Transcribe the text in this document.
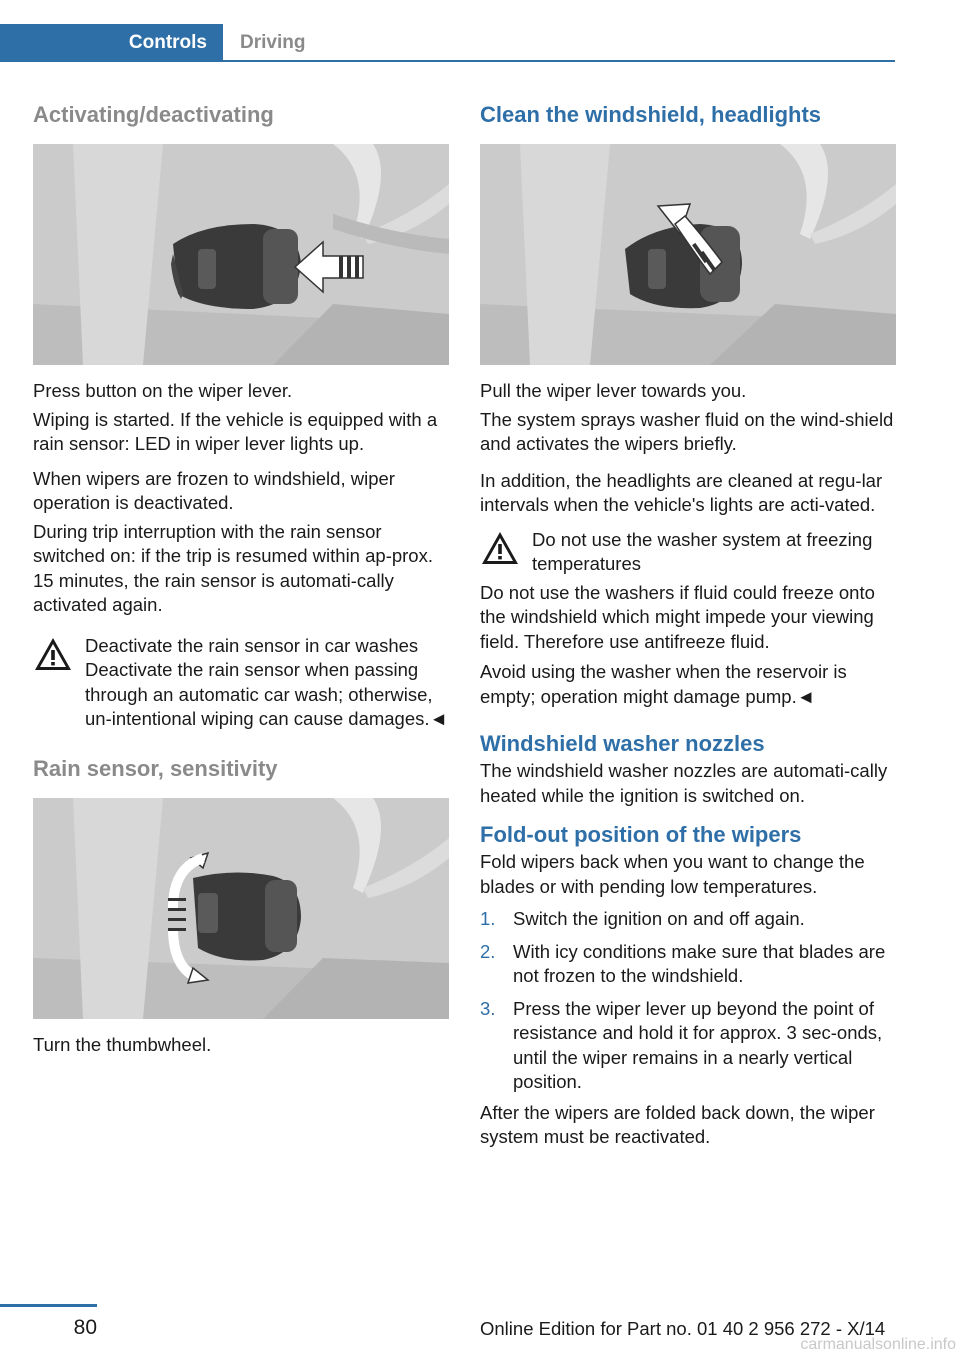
Controls	Driving
Activating/deactivating

Press button on the wiper lever.

Wiping is started. If the vehicle is equipped with a rain sensor: LED in wiper lever lights up.

When wipers are frozen to windshield, wiper operation is deactivated.

During trip interruption with the rain sensor switched on: if the trip is resumed within ap‐prox. 15 minutes, the rain sensor is automati‐cally activated again.

Deactivate the rain sensor in car washes
Deactivate the rain sensor when passing through an automatic car wash; otherwise, un‐intentional wiping can cause damages.◄
Rain sensor, sensitivity

Turn the thumbwheel.

Clean the windshield, headlights

Pull the wiper lever towards you.

The system sprays washer fluid on the wind‐shield and activates the wipers briefly.

In addition, the headlights are cleaned at regu‐lar intervals when the vehicle's lights are acti‐vated.

Do not use the washer system at freezing temperatures

Do not use the washers if fluid could freeze onto the windshield which might impede your viewing field. Therefore use antifreeze fluid.

Avoid using the washer when the reservoir is empty; operation might damage pump.◄

Windshield washer nozzles

The windshield washer nozzles are automati‐cally heated while the ignition is switched on.

Fold-out position of the wipers

Fold wipers back when you want to change the blades or with pending low temperatures.

1. Switch the ignition on and off again.
2. With icy conditions make sure that blades are not frozen to the windshield.
3. Press the wiper lever up beyond the point of resistance and hold it for approx. 3 sec‐onds, until the wiper remains in a nearly vertical position.

After the wipers are folded back down, the wiper system must be reactivated.

80	Online Edition for Part no. 01 40 2 956 272 - X/14
carmanualsonline.info
